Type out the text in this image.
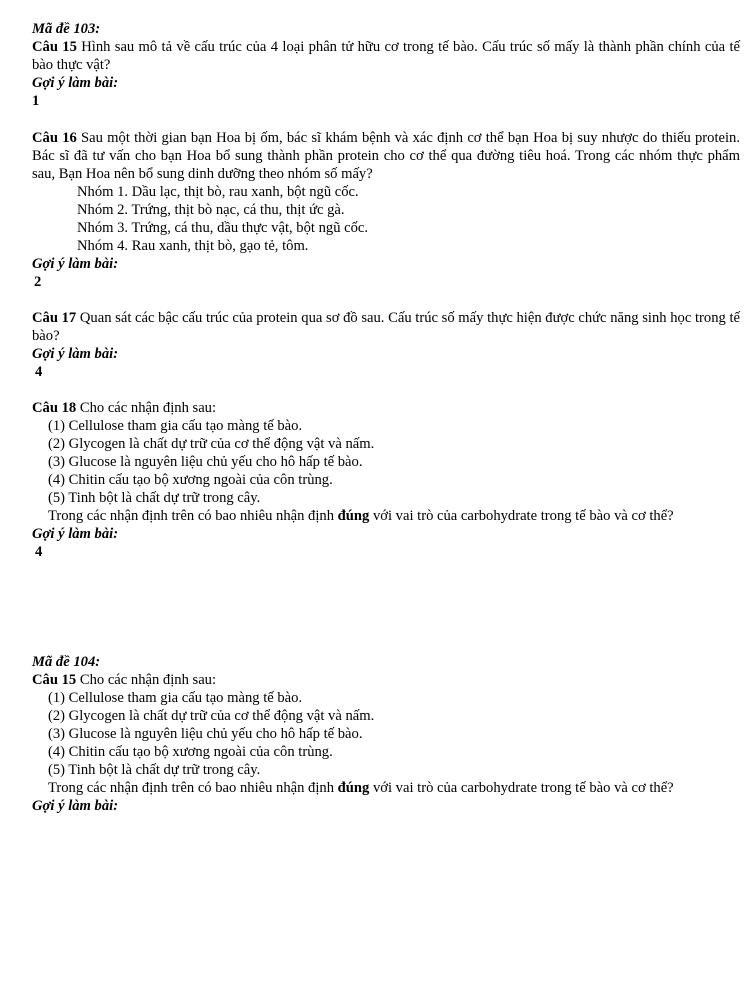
Mã đề 103:
Câu 15 Hình sau mô tả về cấu trúc của 4 loại phân tử hữu cơ trong tế bào. Cấu trúc số mấy là thành phần chính của tế bào thực vật?
Gợi ý làm bài:
1
Câu 16 Sau một thời gian bạn Hoa bị ốm, bác sĩ khám bệnh và xác định cơ thể bạn Hoa bị suy nhược do thiếu protein. Bác sĩ đã tư vấn cho bạn Hoa bổ sung thành phần protein cho cơ thể qua đường tiêu hoá. Trong các nhóm thực phẩm sau, Bạn Hoa nên bổ sung dinh dưỡng theo nhóm số mấy?
Nhóm 1. Dầu lạc, thịt bò, rau xanh, bột ngũ cốc.
Nhóm 2. Trứng, thịt bò nạc, cá thu, thịt ức gà.
Nhóm 3. Trứng, cá thu, dầu thực vật, bột ngũ cốc.
Nhóm 4. Rau xanh, thịt bò, gạo tẻ, tôm.
Gợi ý làm bài:
2
Câu 17 Quan sát các bậc cấu trúc của protein qua sơ đồ sau. Cấu trúc số mấy thực hiện được chức năng sinh học trong tế bào?
Gợi ý làm bài:
4
Câu 18 Cho các nhận định sau:
(1) Cellulose tham gia cấu tạo màng tế bào.
(2) Glycogen là chất dự trữ của cơ thể động vật và nấm.
(3) Glucose là nguyên liệu chủ yếu cho hô hấp tế bào.
(4) Chitin cấu tạo bộ xương ngoài của côn trùng.
(5) Tinh bột là chất dự trữ trong cây.
Trong các nhận định trên có bao nhiêu nhận định đúng với vai trò của carbohydrate trong tế bào và cơ thể?
Gợi ý làm bài:
4
Mã đề 104:
Câu 15 Cho các nhận định sau:
(1) Cellulose tham gia cấu tạo màng tế bào.
(2) Glycogen là chất dự trữ của cơ thể động vật và nấm.
(3) Glucose là nguyên liệu chủ yếu cho hô hấp tế bào.
(4) Chitin cấu tạo bộ xương ngoài của côn trùng.
(5) Tinh bột là chất dự trữ trong cây.
Trong các nhận định trên có bao nhiêu nhận định đúng với vai trò của carbohydrate trong tế bào và cơ thể?
Gợi ý làm bài:
